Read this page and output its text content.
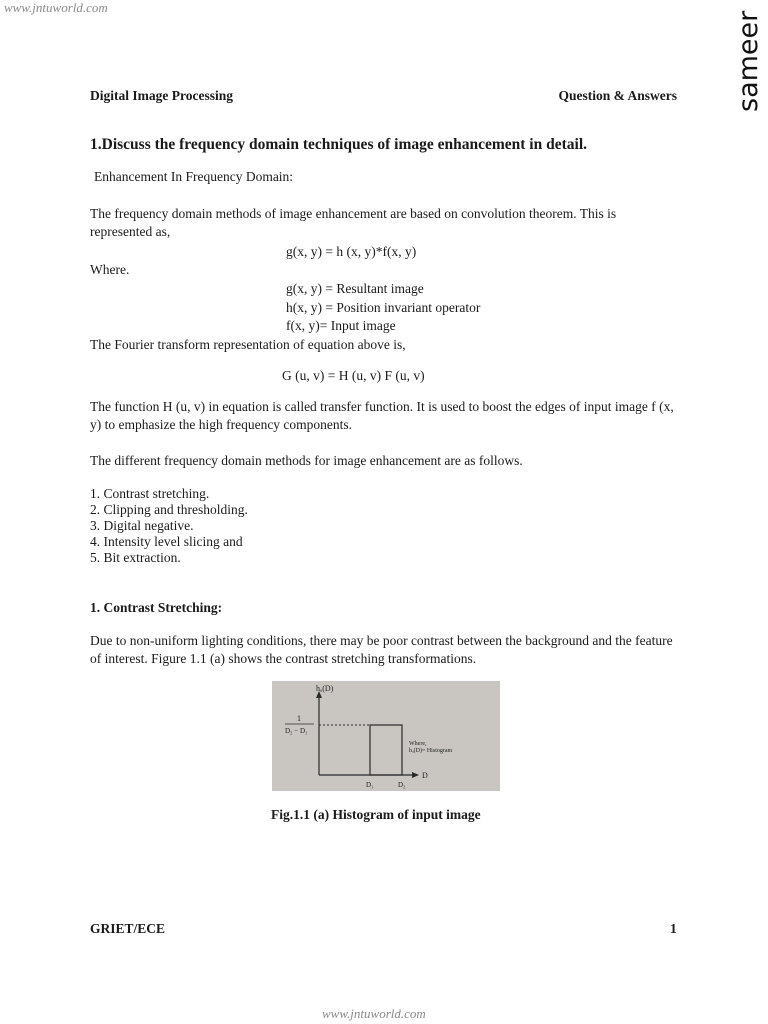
www.jntuworld.com
sameer
Digital Image Processing	Question & Answers
1.Discuss the frequency domain techniques of image enhancement in detail.
Enhancement In Frequency Domain:
The frequency domain methods of image enhancement are based on convolution theorem. This is represented as,
g(x, y) = h (x, y)*f(x, y)
Where.
g(x, y) = Resultant image
h(x, y) = Position invariant operator
f(x, y)= Input image
The Fourier transform representation of equation above is,
G (u, v) = H (u, v) F (u, v)
The function H (u, v) in equation is called transfer function. It is used to boost the edges of input image f (x, y) to emphasize the high frequency components.
The different frequency domain methods for image enhancement are as follows.
1. Contrast stretching.
2. Clipping and thresholding.
3. Digital negative.
4. Intensity level slicing and
5. Bit extraction.
1. Contrast Stretching:
Due to non-uniform lighting conditions, there may be poor contrast between the background and the feature of interest. Figure 1.1 (a) shows the contrast stretching transformations.
hₐ(D)
D
1
D₂ − D₁
D₁	D₂
Where,
hₐ(D)= Histogram
Fig.1.1 (a) Histogram of input image
GRIET/ECE	1
www.jntuworld.com
